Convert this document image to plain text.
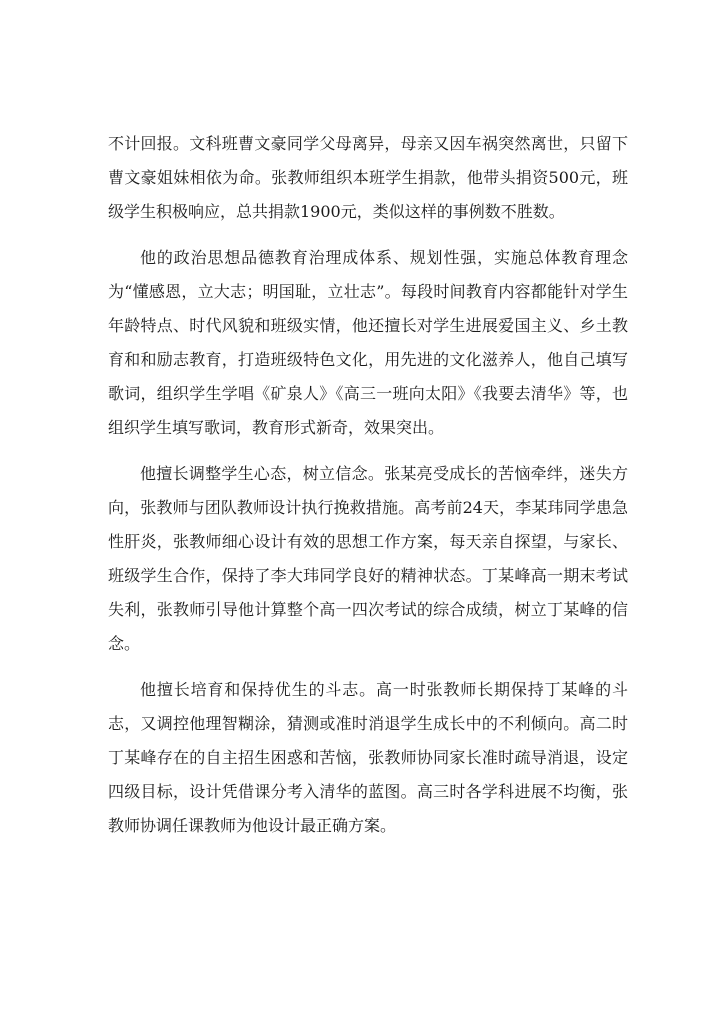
不计回报。文科班曹文豪同学父母离异，母亲又因车祸突然离世，只留下曹文豪姐妹相依为命。张教师组织本班学生捐款，他带头捐资500元，班级学生积极响应，总共捐款1900元，类似这样的事例数不胜数。

他的政治思想品德教育治理成体系、规划性强，实施总体教育理念为“懂感恩，立大志；明国耻，立壮志”。每段时间教育内容都能针对学生年龄特点、时代风貌和班级实情，他还擅长对学生进展爱国主义、乡土教育和和励志教育，打造班级特色文化，用先进的文化滋养人，他自己填写歌词，组织学生学唱《矿泉人》《高三一班向太阳》《我要去清华》等，也组织学生填写歌词，教育形式新奇，效果突出。

他擅长调整学生心态，树立信念。张某亮受成长的苦恼牵绊，迷失方向，张教师与团队教师设计执行挽救措施。高考前24天，李某玮同学患急性肝炎，张教师细心设计有效的思想工作方案，每天亲自探望，与家长、班级学生合作，保持了李大玮同学良好的精神状态。丁某峰高一期末考试失利，张教师引导他计算整个高一四次考试的综合成绩，树立丁某峰的信念。

他擅长培育和保持优生的斗志。高一时张教师长期保持丁某峰的斗志，又调控他理智糊涂，猜测或准时消退学生成长中的不利倾向。高二时丁某峰存在的自主招生困惑和苦恼，张教师协同家长准时疏导消退，设定四级目标，设计凭借课分考入清华的蓝图。高三时各学科进展不均衡，张教师协调任课教师为他设计最正确方案。
